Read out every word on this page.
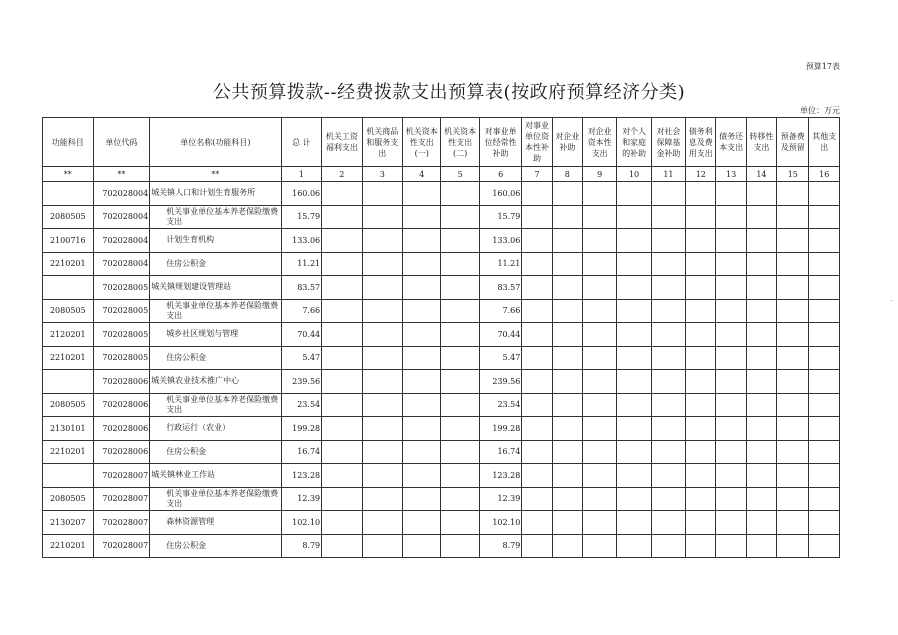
预算17表
公共预算拨款--经费拨款支出预算表(按政府预算经济分类)
单位：万元
功能科目	单位代码	单位名称(功能科目)	总 计	机关工资福利支出	机关商品和服务支出	机关资本性支出(一)	机关资本性支出(二)	对事业单位经常性补助	对事业单位资本性补助	对企业补助	对企业资本性支出	对个人和家庭的补助	对社会保障基金补助	债务利息及费用支出	债务还本支出	转移性支出	预备费及预留	其他支出
**	**	**	1	2	3	4	5	6	7	8	9	10	11	12	13	14	15	16
	702028004	城关镇人口和计划生育服务所	160.06					160.06										
2080505	702028004	机关事业单位基本养老保险缴费支出	15.79					15.79										
2100716	702028004	计划生育机构	133.06					133.06										
2210201	702028004	住房公积金	11.21					11.21										
	702028005	城关镇规划建设管理站	83.57					83.57										
2080505	702028005	机关事业单位基本养老保险缴费支出	7.66					7.66										
2120201	702028005	城乡社区规划与管理	70.44					70.44										
2210201	702028005	住房公积金	5.47					5.47										
	702028006	城关镇农业技术推广中心	239.56					239.56										
2080505	702028006	机关事业单位基本养老保险缴费支出	23.54					23.54										
2130101	702028006	行政运行（农业）	199.28					199.28										
2210201	702028006	住房公积金	16.74					16.74										
	702028007	城关镇林业工作站	123.28					123.28										
2080505	702028007	机关事业单位基本养老保险缴费支出	12.39					12.39										
2130207	702028007	森林资源管理	102.10					102.10										
2210201	702028007	住房公积金	8.79					8.79										
